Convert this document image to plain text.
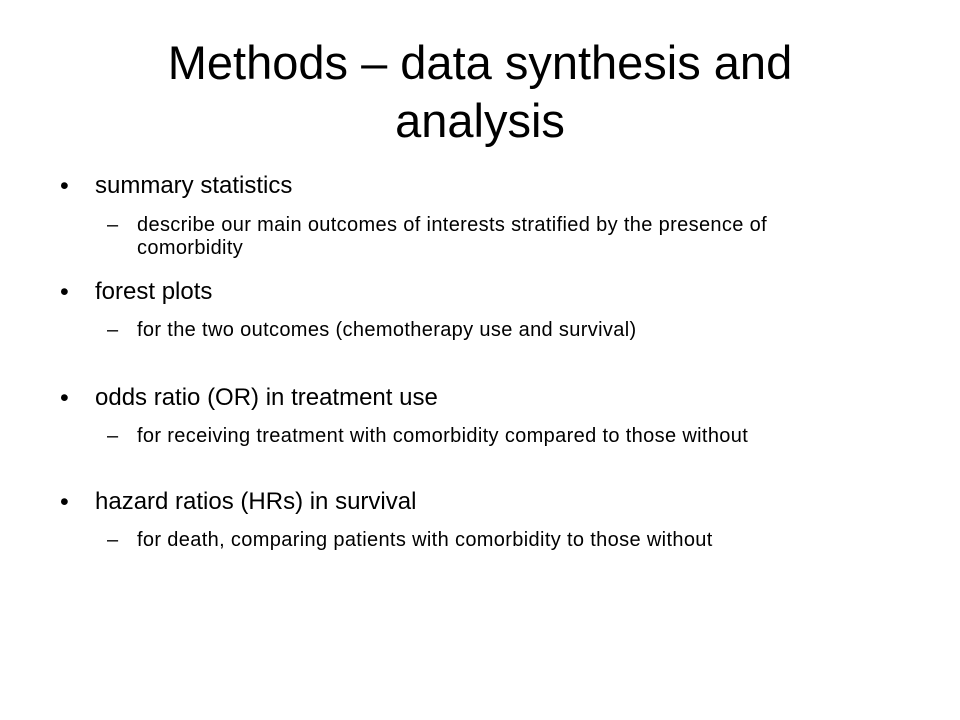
Methods – data synthesis and analysis
• summary statistics
– describe our main outcomes of interests stratified by the presence of comorbidity
• forest plots
– for the two outcomes (chemotherapy use and survival)
• odds ratio (OR) in treatment use
– for receiving treatment with comorbidity compared to those without
• hazard ratios (HRs) in survival
– for death, comparing patients with comorbidity to those without
